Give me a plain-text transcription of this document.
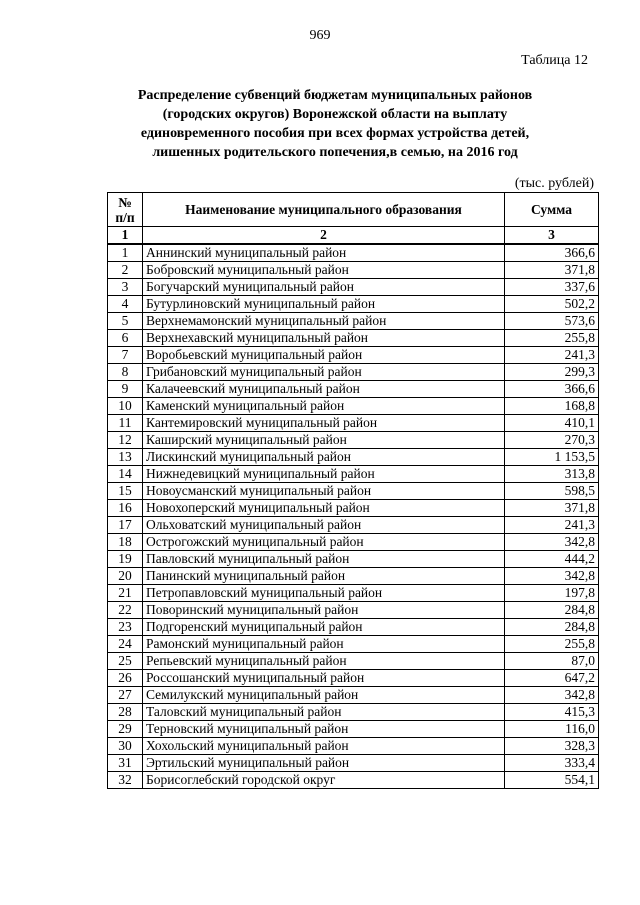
969
Таблица 12
Распределение субвенций бюджетам муниципальных районов
(городских округов) Воронежской области на выплату
единовременного пособия при всех формах устройства детей,
лишенных родительского попечения,в семью, на 2016 год
(тыс. рублей)
№ п/п	Наименование муниципального образования	Сумма
1	2	3
1	Аннинский муниципальный район	366,6
2	Бобровский муниципальный район	371,8
3	Богучарский муниципальный район	337,6
4	Бутурлиновский муниципальный район	502,2
5	Верхнемамонский муниципальный район	573,6
6	Верхнехавский муниципальный район	255,8
7	Воробьевский муниципальный район	241,3
8	Грибановский муниципальный район	299,3
9	Калачеевский муниципальный район	366,6
10	Каменский муниципальный район	168,8
11	Кантемировский муниципальный район	410,1
12	Каширский муниципальный район	270,3
13	Лискинский муниципальный район	1 153,5
14	Нижнедевицкий муниципальный район	313,8
15	Новоусманский муниципальный район	598,5
16	Новохоперский муниципальный район	371,8
17	Ольховатский муниципальный район	241,3
18	Острогожский муниципальный район	342,8
19	Павловский муниципальный район	444,2
20	Панинский муниципальный район	342,8
21	Петропавловский муниципальный район	197,8
22	Поворинский муниципальный район	284,8
23	Подгоренский муниципальный район	284,8
24	Рамонский муниципальный район	255,8
25	Репьевский муниципальный район	87,0
26	Россошанский муниципальный район	647,2
27	Семилукский муниципальный район	342,8
28	Таловский муниципальный район	415,3
29	Терновский муниципальный район	116,0
30	Хохольский муниципальный район	328,3
31	Эртильский муниципальный район	333,4
32	Борисоглебский городской округ	554,1
